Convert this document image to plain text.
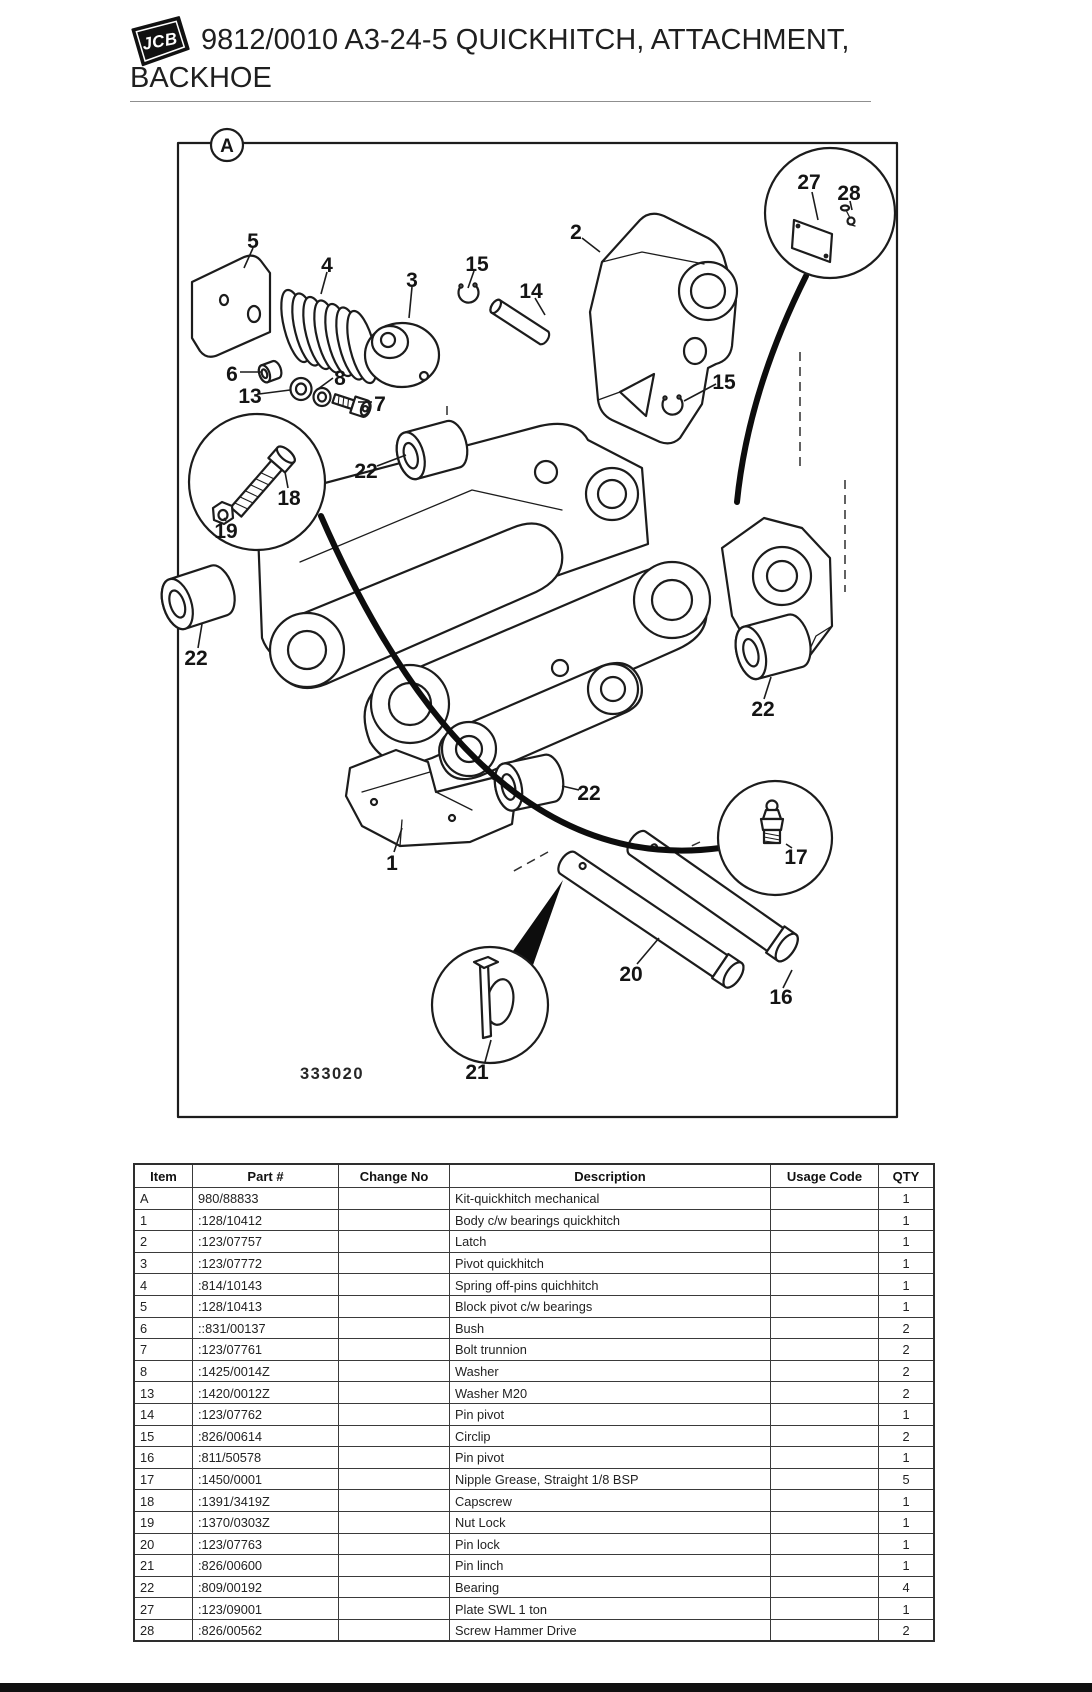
JCB 9812/0010 A3-24-5 QUICKHITCH, ATTACHMENT,
BACKHOE
A
333020
5
4
3
15
14
2
27 28
6
13
8
7
22
18
19
15
22
22
22
1	17
20
16
21
Item	Part #	Change No	Description	Usage Code	QTY
A	980/88833		Kit-quickhitch mechanical		1
1	:128/10412		Body c/w bearings quickhitch		1
2	:123/07757		Latch		1
3	:123/07772		Pivot quickhitch		1
4	:814/10143		Spring off-pins quichhitch		1
5	:128/10413		Block pivot c/w bearings		1
6	::831/00137		Bush		2
7	:123/07761		Bolt trunnion		2
8	:1425/0014Z		Washer		2
13	:1420/0012Z		Washer M20		2
14	:123/07762		Pin pivot		1
15	:826/00614		Circlip		2
16	:811/50578		Pin pivot		1
17	:1450/0001		Nipple Grease, Straight 1/8 BSP		5
18	:1391/3419Z		Capscrew		1
19	:1370/0303Z		Nut Lock		1
20	:123/07763		Pin lock		1
21	:826/00600		Pin linch		1
22	:809/00192		Bearing		4
27	:123/09001		Plate SWL 1 ton		1
28	:826/00562		Screw Hammer Drive		2
